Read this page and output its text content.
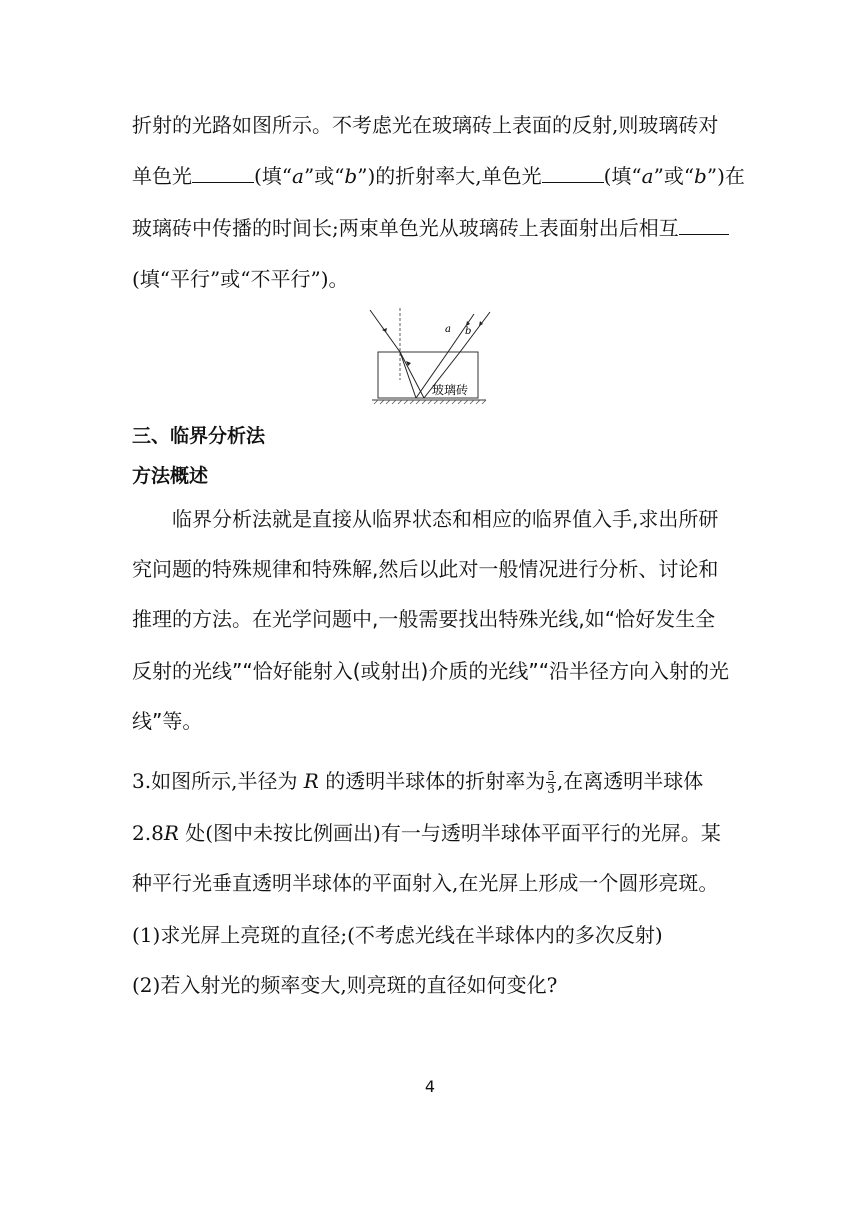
折射的光路如图所示。不考虑光在玻璃砖上表面的反射,则玻璃砖对
单色光	(填“a”或“b”)的折射率大,单色光	(填“a”或“b”)在
玻璃砖中传播的时间长;两束单色光从玻璃砖上表面射出后相互
(填“平行”或“不平行”)。
a b
玻璃砖
三、临界分析法
方法概述
临界分析法就是直接从临界状态和相应的临界值入手,求出所研
究问题的特殊规律和特殊解,然后以此对一般情况进行分析、讨论和
推理的方法。在光学问题中,一般需要找出特殊光线,如“恰好发生全
反射的光线”“恰好能射入(或射出)介质的光线”“沿半径方向入射的光
线”等。
3.如图所示,半径为 R 的透明半球体的折射率为 $\frac{5}{3}$ ,在离透明半球体
2.8R 处(图中未按比例画出)有一与透明半球体平面平行的光屏。某
种平行光垂直透明半球体的平面射入,在光屏上形成一个圆形亮斑。
(1)求光屏上亮斑的直径;(不考虑光线在半球体内的多次反射)
(2)若入射光的频率变大,则亮斑的直径如何变化?
4
